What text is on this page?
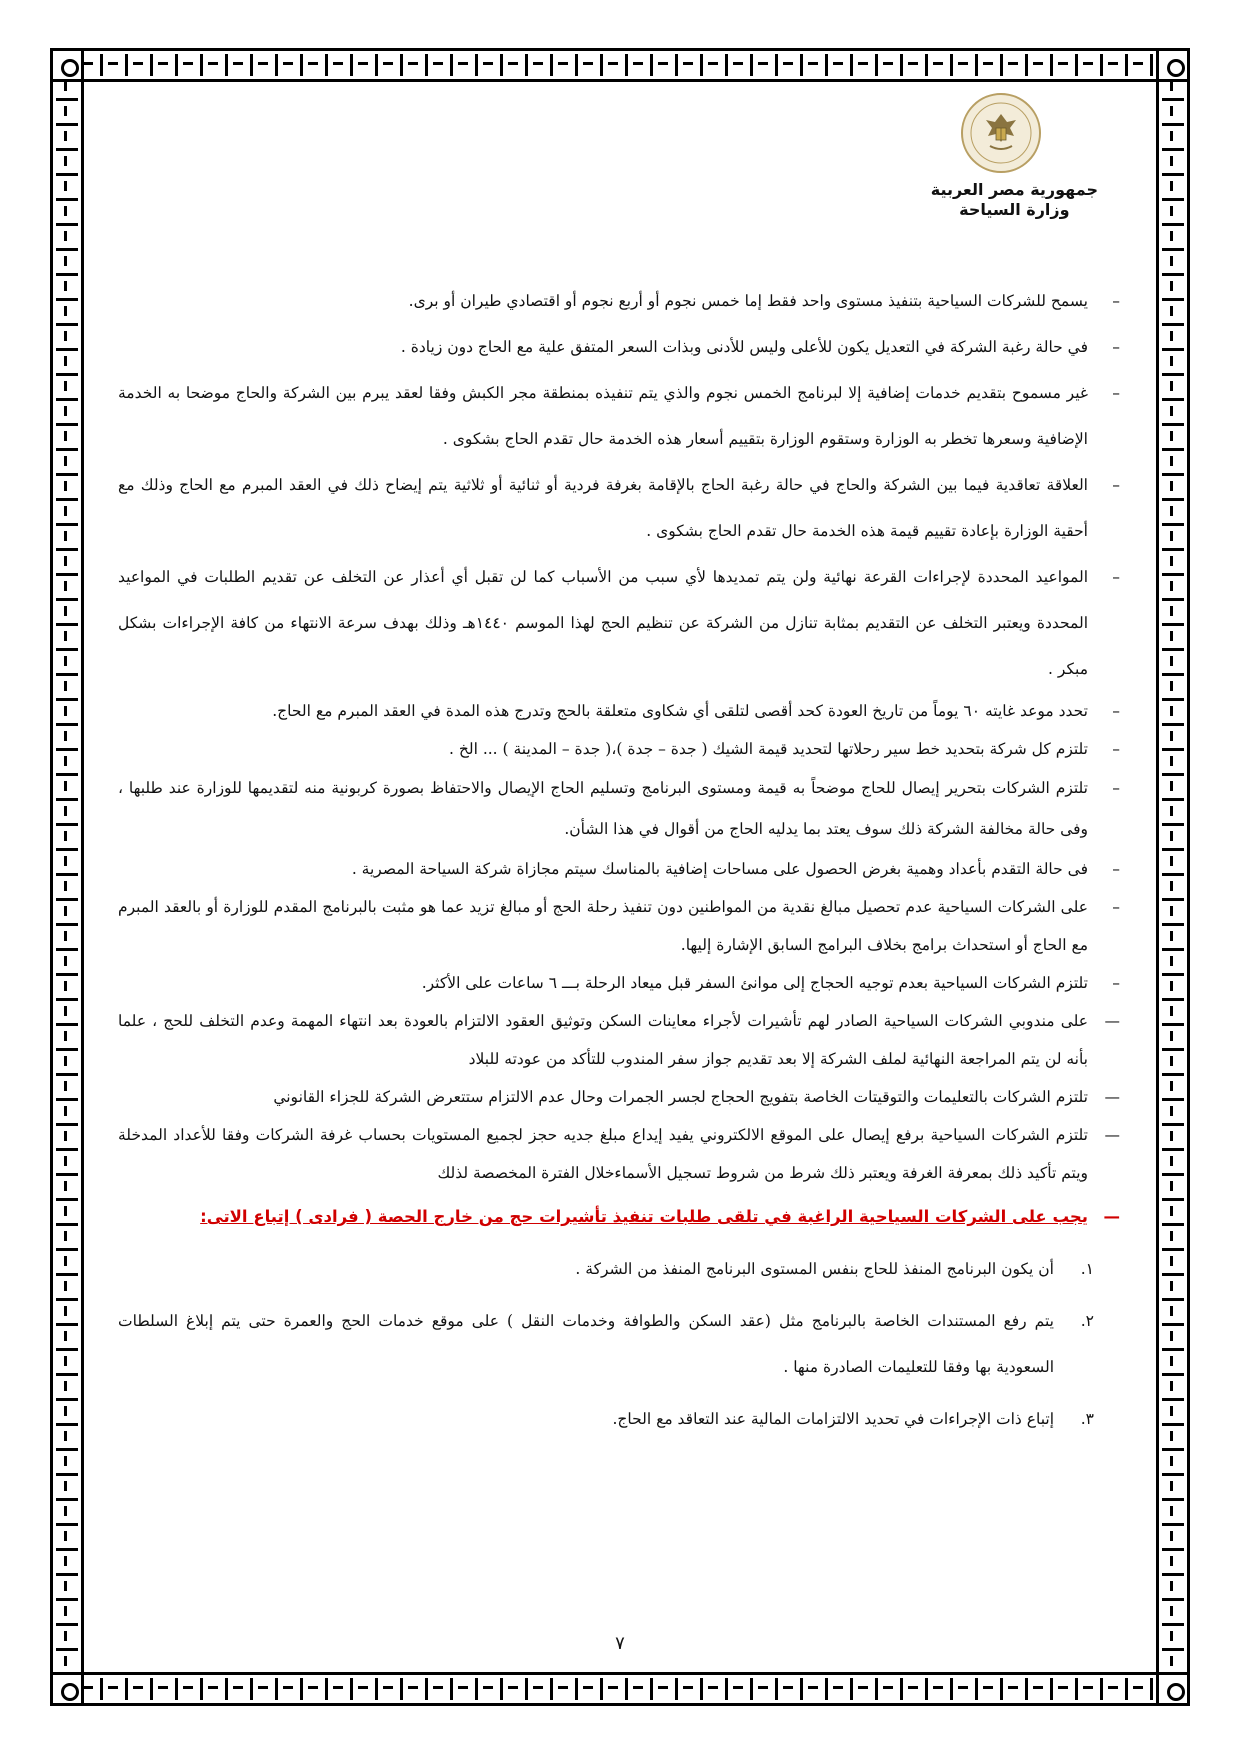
جمهورية مصر العربية
وزارة السياحة
–
يسمح للشركات السياحية بتنفيذ مستوى واحد فقط إما خمس نجوم أو أربع نجوم أو اقتصادي طيران أو برى.
–
في حالة رغبة الشركة في التعديل يكون للأعلى وليس للأدنى وبذات السعر المتفق علية مع الحاج دون زيادة .
–
غير مسموح بتقديم خدمات إضافية إلا لبرنامج الخمس نجوم والذي يتم تنفيذه بمنطقة مجر الكبش وفقا لعقد يبرم بين الشركة والحاج موضحا به الخدمة الإضافية وسعرها تخطر به الوزارة وستقوم الوزارة بتقييم أسعار هذه الخدمة حال تقدم الحاج بشكوى .
–
العلاقة تعاقدية فيما بين الشركة والحاج في حالة رغبة الحاج بالإقامة بغرفة فردية أو ثنائية أو ثلاثية يتم إيضاح ذلك في العقد المبرم مع الحاج وذلك مع أحقية الوزارة بإعادة تقييم قيمة هذه الخدمة حال تقدم الحاج بشكوى .
–
المواعيد المحددة لإجراءات القرعة نهائية ولن يتم تمديدها لأي سبب من الأسباب كما لن تقبل أي أعذار عن التخلف عن تقديم الطلبات في المواعيد المحددة ويعتبر التخلف عن التقديم بمثابة تنازل من الشركة عن تنظيم الحج لهذا الموسم ١٤٤٠هـ وذلك بهدف سرعة الانتهاء من كافة الإجراءات بشكل مبكر .
–
تحدد موعد غايته ٦٠ يوماً من تاريخ العودة كحد أقصى لتلقى أي شكاوى متعلقة بالحج وتدرج هذه المدة في العقد المبرم مع الحاج.
–
تلتزم كل شركة بتحديد خط سير رحلاتها لتحديد قيمة الشيك ( جدة – جدة )،( جدة – المدينة ) ... الخ .
–
تلتزم الشركات بتحرير إيصال للحاج موضحاً به قيمة ومستوى البرنامج وتسليم الحاج الإيصال والاحتفاظ بصورة كربونية منه لتقديمها للوزارة عند طلبها ، وفى حالة مخالفة الشركة ذلك سوف يعتد بما يدليه الحاج من أقوال في هذا الشأن.
–
فى حالة التقدم بأعداد وهمية بغرض الحصول على مساحات إضافية بالمناسك سيتم مجازاة شركة السياحة المصرية .
–
على الشركات السياحية عدم تحصيل مبالغ نقدية من المواطنين دون تنفيذ رحلة الحج أو مبالغ تزيد عما هو مثبت بالبرنامج المقدم للوزارة أو بالعقد المبرم مع الحاج أو استحداث برامج بخلاف البرامج السابق الإشارة إليها.
–
تلتزم الشركات السياحية بعدم توجيه الحجاج إلى موانئ السفر قبل ميعاد الرحلة بـــ ٦ ساعات على الأكثر.
—
على مندوبي الشركات السياحية الصادر لهم تأشيرات لأجراء معاينات السكن وتوثيق العقود الالتزام بالعودة بعد انتهاء المهمة وعدم التخلف للحج ، علما بأنه لن يتم المراجعة النهائية لملف الشركة إلا بعد تقديم جواز سفر المندوب للتأكد من عودته للبلاد
—
تلتزم الشركات بالتعليمات والتوقيتات الخاصة بتفويج الحجاج لجسر الجمرات وحال عدم الالتزام ستتعرض الشركة للجزاء القانوني
—
تلتزم الشركات السياحية برفع إيصال على الموقع الالكتروني يفيد إيداع مبلغ جديه حجز لجميع المستويات بحساب غرفة الشركات وفقا للأعداد المدخلة ويتم تأكيد ذلك بمعرفة الغرفة ويعتبر ذلك شرط من شروط تسجيل الأسماءخلال الفترة المخصصة لذلك
—
يجب على الشركات السياحية الراغبة في تلقى طلبات تنفيذ تأشيرات حج من خارج الحصة ( فرادى ) إتباع الاتى:
١.
أن يكون البرنامج المنفذ للحاج بنفس المستوى البرنامج المنفذ من الشركة .
٢.
يتم رفع المستندات الخاصة بالبرنامج مثل (عقد السكن والطوافة وخدمات النقل ) على موقع خدمات الحج والعمرة حتى يتم إبلاغ السلطات السعودية بها وفقا للتعليمات الصادرة منها .
٣.
إتباع ذات الإجراءات في تحديد الالتزامات المالية عند التعاقد مع الحاج.
٧
